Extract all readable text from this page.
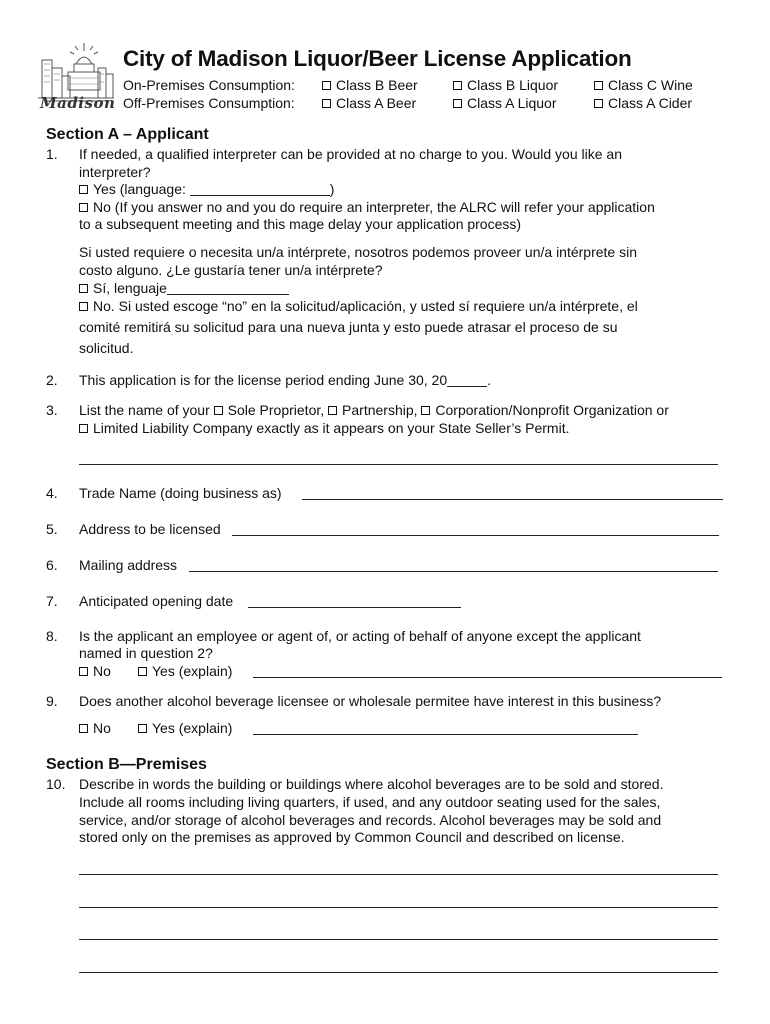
Madison
City of Madison Liquor/Beer License Application
On-Premises Consumption:	Class B Beer	Class B Liquor	Class C Wine
Off-Premises Consumption:	Class A Beer	Class A Liquor	Class A Cider
Section A – Applicant
1. If needed, a qualified interpreter can be provided at no charge to you. Would you like an
interpreter?
Yes (language:	)
No (If you answer no and you do require an interpreter, the ALRC will refer your application
to a subsequent meeting and this mage delay your application process)
Si usted requiere o necesita un/a intérprete, nosotros podemos proveer un/a intérprete sin
costo alguno. ¿Le gustaría tener un/a intérprete?
Sí, lenguaje
No. Si usted escoge “no” en la solicitud/aplicación, y usted sí requiere un/a intérprete, el
comité remitirá su solicitud para una nueva junta y esto puede atrasar el proceso de su
solicitud.
2. This application is for the license period ending June 30, 20	.
3. List the name of your Sole Proprietor, Partnership, Corporation/Nonprofit Organization or
Limited Liability Company exactly as it appears on your State Seller’s Permit.
4. Trade Name (doing business as)
5. Address to be licensed
6. Mailing address
7. Anticipated opening date
8. Is the applicant an employee or agent of, or acting of behalf of anyone except the applicant
named in question 2?
No	Yes (explain)
9. Does another alcohol beverage licensee or wholesale permitee have interest in this business?
No	Yes (explain)
Section B—Premises
10. Describe in words the building or buildings where alcohol beverages are to be sold and stored.
Include all rooms including living quarters, if used, and any outdoor seating used for the sales,
service, and/or storage of alcohol beverages and records. Alcohol beverages may be sold and
stored only on the premises as approved by Common Council and described on license.
